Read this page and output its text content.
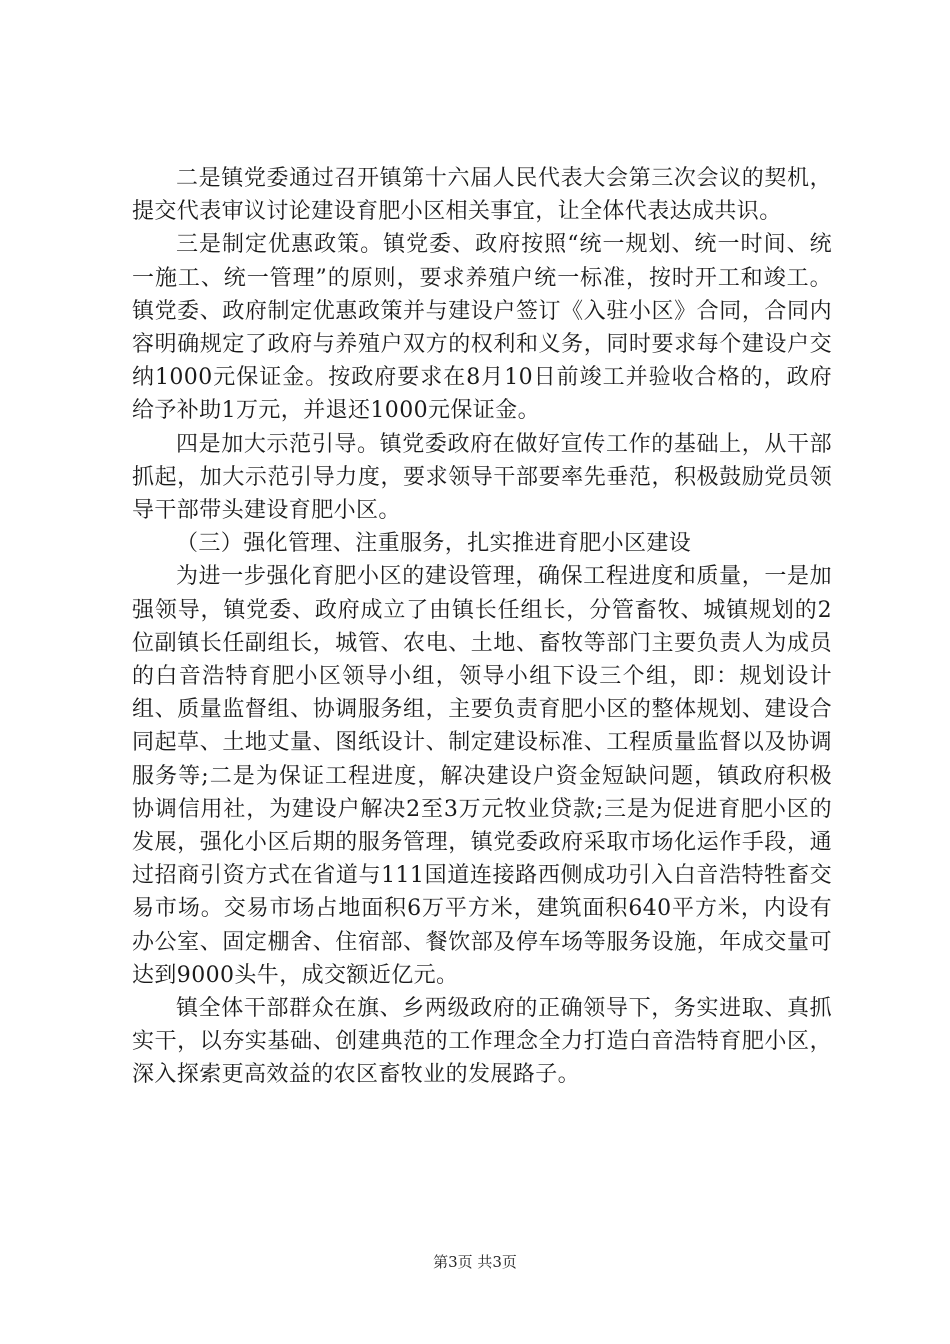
二是镇党委通过召开镇第十六届人民代表大会第三次会议的契机，提交代表审议讨论建设育肥小区相关事宜，让全体代表达成共识。

三是制定优惠政策。镇党委、政府按照“统一规划、统一时间、统一施工、统一管理”的原则，要求养殖户统一标准，按时开工和竣工。镇党委、政府制定优惠政策并与建设户签订《入驻小区》合同，合同内容明确规定了政府与养殖户双方的权利和义务，同时要求每个建设户交纳1000元保证金。按政府要求在8月10日前竣工并验收合格的，政府给予补助1万元，并退还1000元保证金。

四是加大示范引导。镇党委政府在做好宣传工作的基础上，从干部抓起，加大示范引导力度，要求领导干部要率先垂范，积极鼓励党员领导干部带头建设育肥小区。

（三）强化管理、注重服务，扎实推进育肥小区建设

为进一步强化育肥小区的建设管理，确保工程进度和质量，一是加强领导，镇党委、政府成立了由镇长任组长，分管畜牧、城镇规划的2位副镇长任副组长，城管、农电、土地、畜牧等部门主要负责人为成员的白音浩特育肥小区领导小组，领导小组下设三个组，即：规划设计组、质量监督组、协调服务组，主要负责育肥小区的整体规划、建设合同起草、土地丈量、图纸设计、制定建设标准、工程质量监督以及协调服务等;二是为保证工程进度，解决建设户资金短缺问题，镇政府积极协调信用社，为建设户解决2至3万元牧业贷款;三是为促进育肥小区的发展，强化小区后期的服务管理，镇党委政府采取市场化运作手段，通过招商引资方式在省道与111国道连接路西侧成功引入白音浩特牲畜交易市场。交易市场占地面积6万平方米，建筑面积640平方米，内设有办公室、固定棚舍、住宿部、餐饮部及停车场等服务设施，年成交量可达到9000头牛，成交额近亿元。

镇全体干部群众在旗、乡两级政府的正确领导下，务实进取、真抓实干，以夯实基础、创建典范的工作理念全力打造白音浩特育肥小区，深入探索更高效益的农区畜牧业的发展路子。

第3页 共3页
